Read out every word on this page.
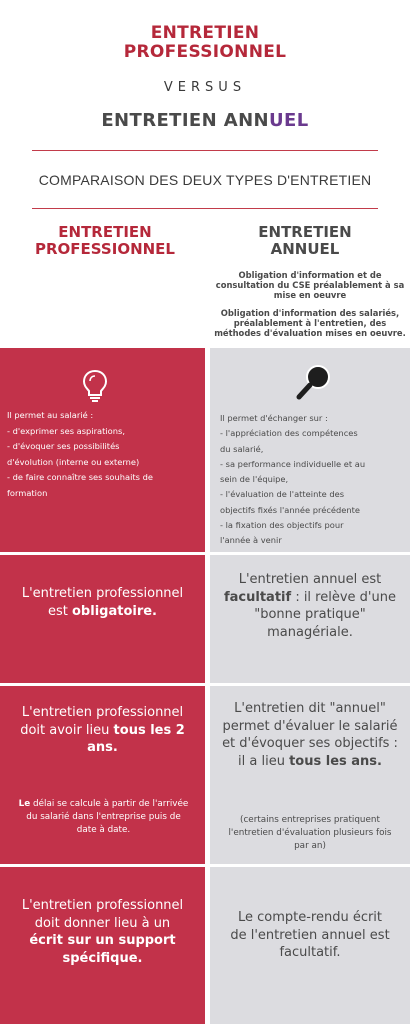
ENTRETIEN
PROFESSIONNEL
VERSUS
ENTRETIEN ANNUEL
COMPARAISON DES DEUX TYPES D'ENTRETIEN
ENTRETIEN
PROFESSIONNEL
ENTRETIEN
ANNUEL
Obligation d'information et de consultation du CSE préalablement à sa mise en oeuvre
Obligation d'information des salariés, préalablement à l'entretien, des méthodes d'évaluation mises en oeuvre.
Il permet au salarié :
- d'exprimer ses aspirations,
- d'évoquer ses possibilités
d'évolution (interne ou externe)
- de faire connaître ses souhaits de
formation
Il permet d'échanger sur :
- l'appréciation des compétences
du salarié,
- sa performance individuelle et au
sein de l'équipe,
- l'évaluation de l'atteinte des
objectifs fixés l'année précédente
- la fixation des objectifs pour
l'année à venir
L'entretien professionnel est obligatoire.
L'entretien annuel est facultatif : il relève d'une "bonne pratique" managériale.
L'entretien professionnel doit avoir lieu tous les 2 ans.
Le délai se calcule à partir de l'arrivée du salarié dans l'entreprise puis de date à date.
L'entretien dit "annuel" permet d'évaluer le salarié et d'évoquer ses objectifs : il a lieu tous les ans.
(certains entreprises pratiquent l'entretien d'évaluation plusieurs fois par an)
L'entretien professionnel doit donner lieu à un écrit sur un support spécifique.
Le compte-rendu écrit de l'entretien annuel est facultatif.
